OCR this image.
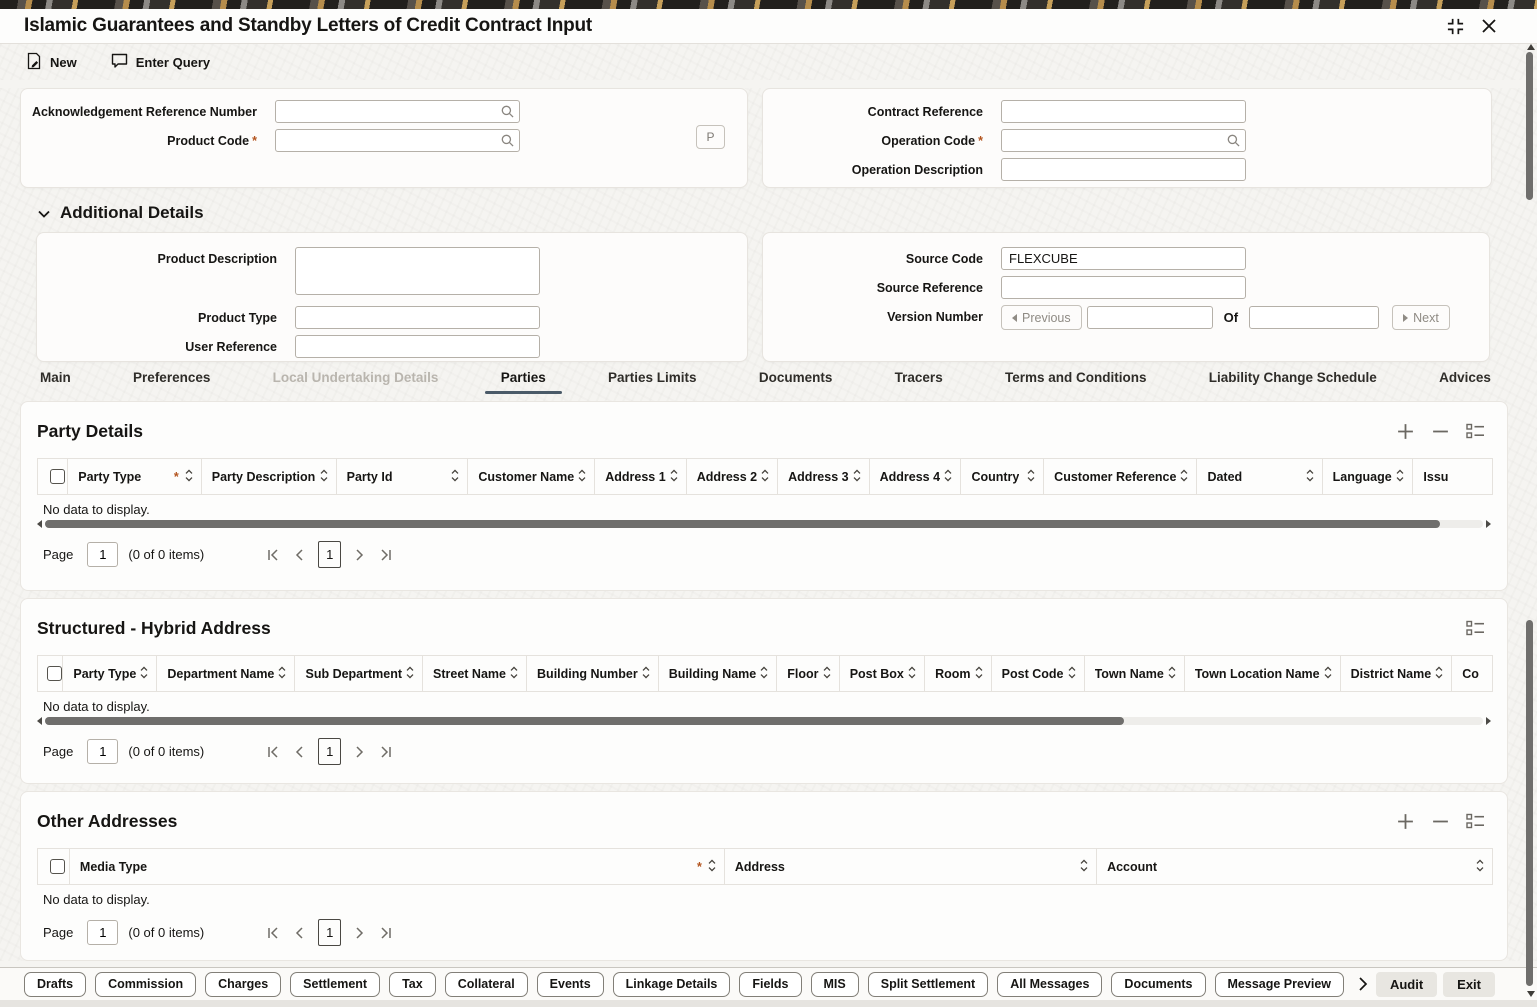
Islamic Guarantees and Standby Letters of Credit Contract Input
New	Enter Query
Acknowledgement Reference Number
Product Code *	P
Contract Reference
Operation Code *
Operation Description
Additional Details
Product Description
Product Type
User Reference
Source Code
FLEXCUBE
Source Reference
Version Number	Previous	Of	Next
Main	Preferences	Local Undertaking Details	Parties	Parties Limits	Documents	Tracers	Terms and Conditions	Liability Change Schedule	Advices
Party Details

Party Type	*	Party Description	Party Id	Customer Name	Address 1	Address 2	Address 3	Address 4	Country	Customer Reference	Dated	Language	Issu
No data to display.
Page
1	(0 of 0 items)	1
Structured - Hybrid Address

Party Type	Department Name	Sub Department	Street Name	Building Number	Building Name	Floor	Post Box	Room	Post Code	Town Name	Town Location Name	District Name	Co
No data to display.
Page
1	(0 of 0 items)	1
Other Addresses

Media Type	*	Address	Account
No data to display.
Page
1	(0 of 0 items)	1
Drafts	Commission	Charges	Settlement	Tax	Collateral	Events	Linkage Details	Fields	MIS	Split Settlement	All Messages	Documents	Message Preview	Audit	Exit
